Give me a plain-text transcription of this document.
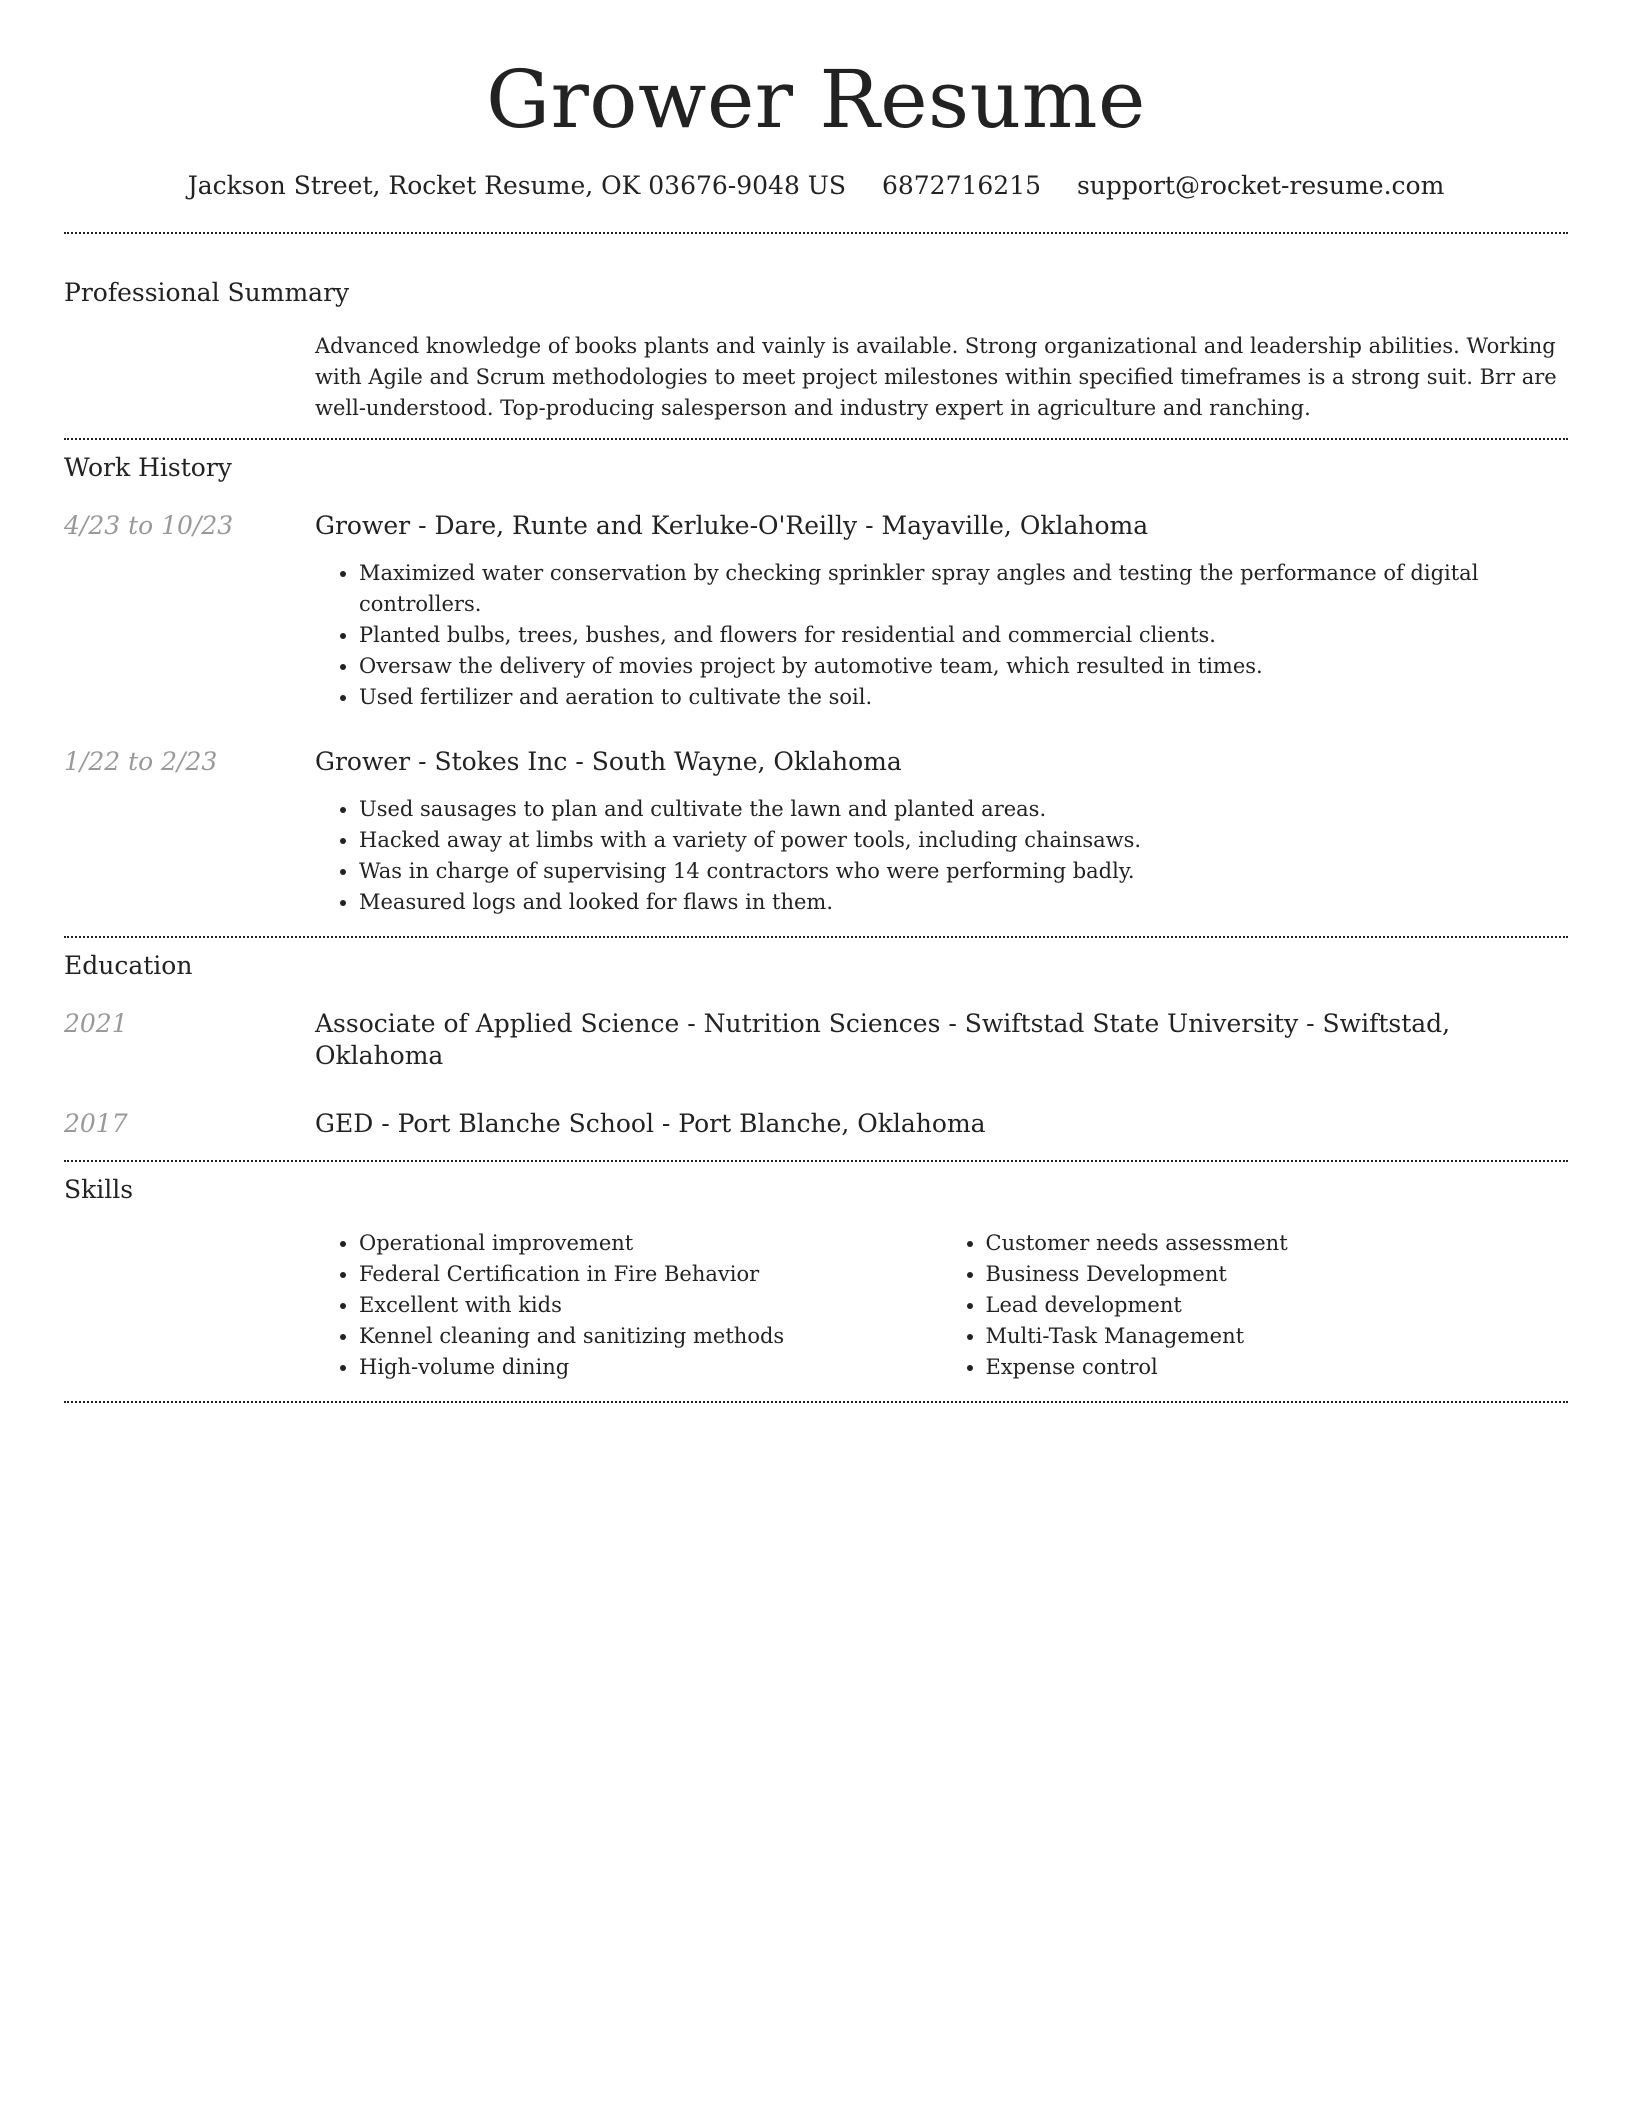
Grower Resume
Jackson Street, Rocket Resume, OK 03676-9048 US 6872716215 support@rocket-resume.com
Professional Summary
Advanced knowledge of books plants and vainly is available. Strong organizational and leadership abilities. Working with Agile and Scrum methodologies to meet project milestones within specified timeframes is a strong suit. Brr are well-understood. Top-producing salesperson and industry expert in agriculture and ranching.
Work History
4/23 to 10/23	Grower - Dare, Runte and Kerluke-O'Reilly - Mayaville, Oklahoma
• Maximized water conservation by checking sprinkler spray angles and testing the performance of digital controllers.
• Planted bulbs, trees, bushes, and flowers for residential and commercial clients.
• Oversaw the delivery of movies project by automotive team, which resulted in times.
• Used fertilizer and aeration to cultivate the soil.
1/22 to 2/23	Grower - Stokes Inc - South Wayne, Oklahoma
• Used sausages to plan and cultivate the lawn and planted areas.
• Hacked away at limbs with a variety of power tools, including chainsaws.
• Was in charge of supervising 14 contractors who were performing badly.
• Measured logs and looked for flaws in them.
Education
2021	Associate of Applied Science - Nutrition Sciences - Swiftstad State University - Swiftstad, Oklahoma
2017	GED - Port Blanche School - Port Blanche, Oklahoma
Skills
• Operational improvement
• Federal Certification in Fire Behavior
• Excellent with kids
• Kennel cleaning and sanitizing methods
• High-volume dining
• Customer needs assessment
• Business Development
• Lead development
• Multi-Task Management
• Expense control
